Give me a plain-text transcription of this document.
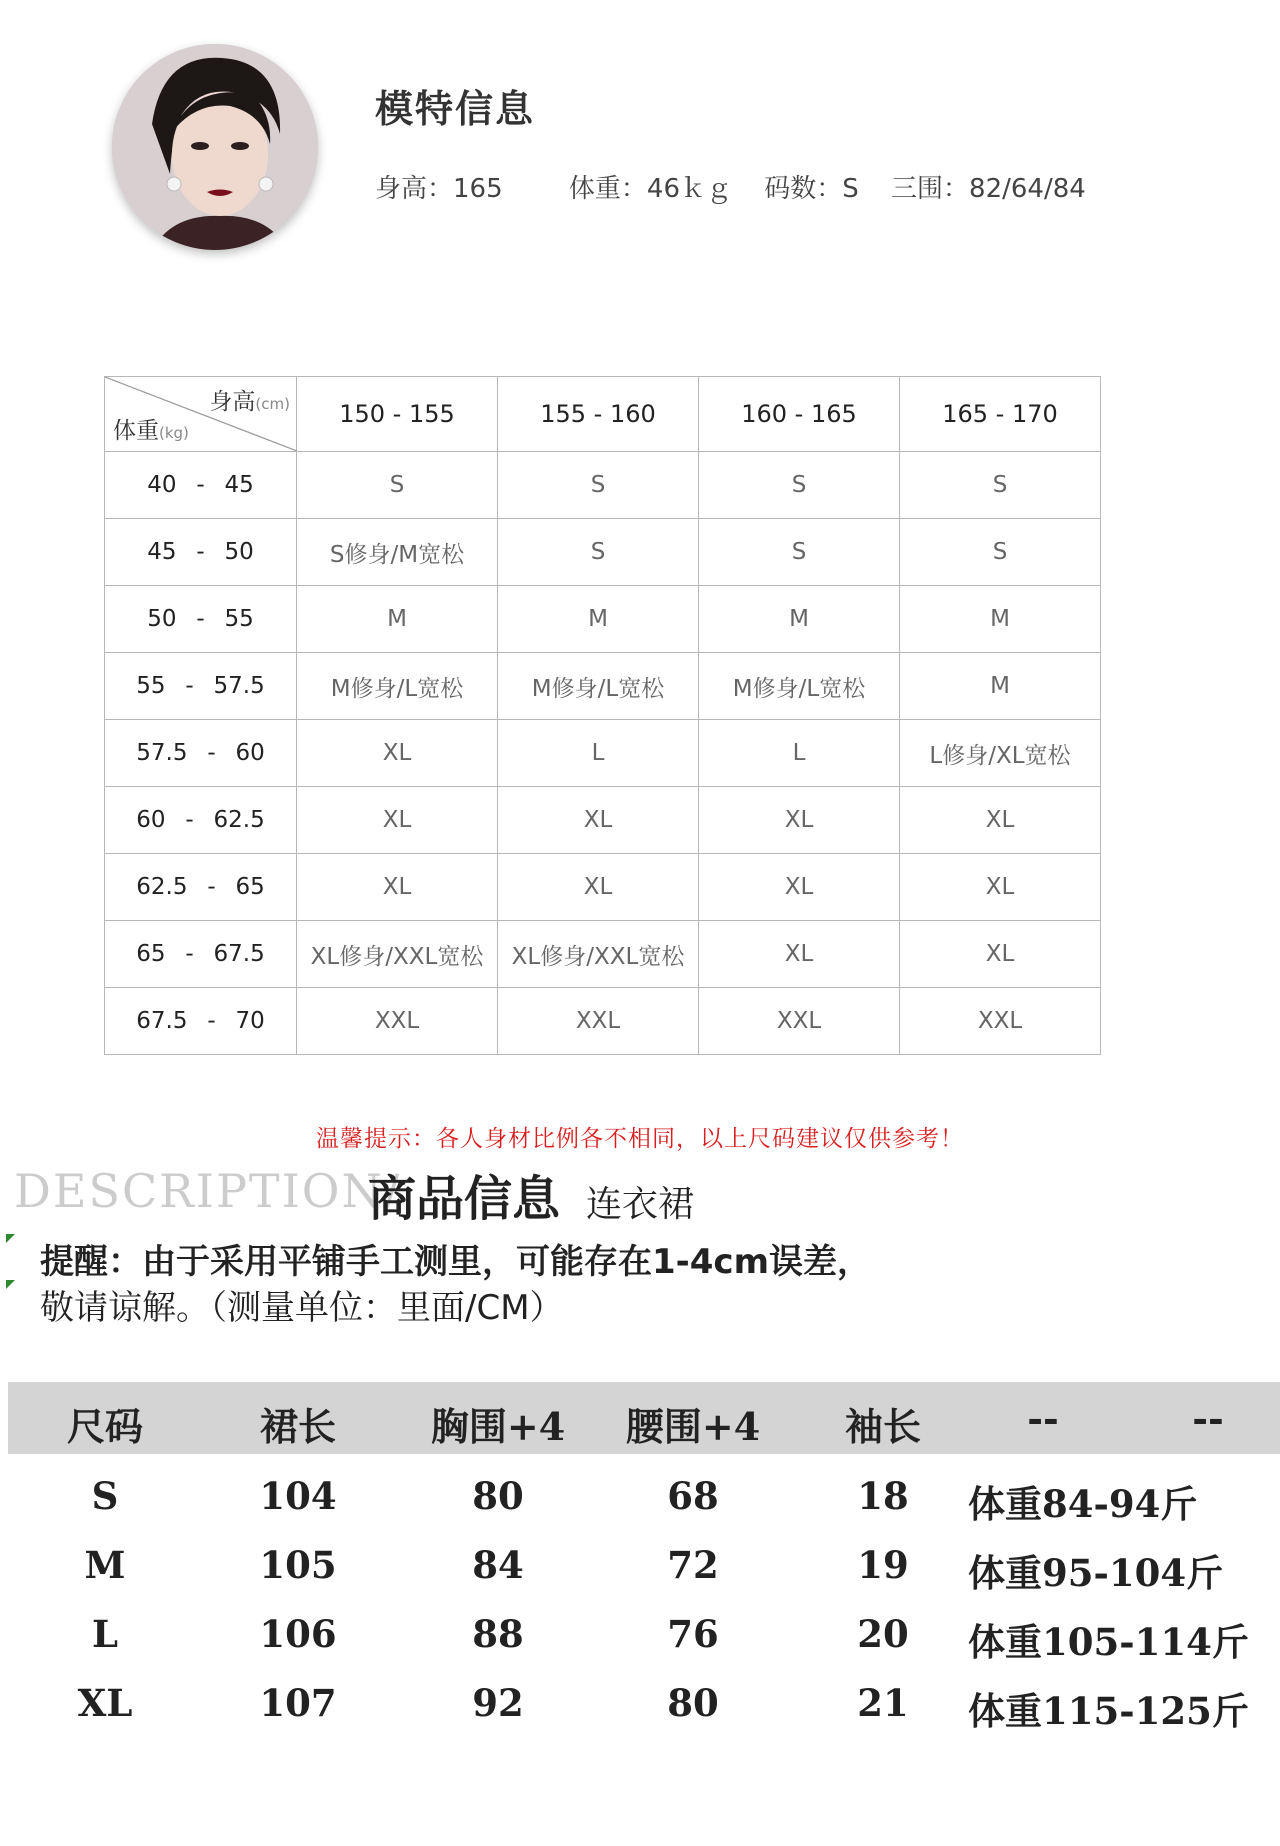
模特信息
身高：165	体重：46ｋｇ 码数：S 三围：82/64/84
身高(cm)
体重(kg)	150 - 155	155 - 160	160 - 165	165 - 170
40 - 45	S	S	S	S
45 - 50	S修身/M宽松	S	S	S
50 - 55	M	M	M	M
55 - 57.5	M修身/L宽松	M修身/L宽松	M修身/L宽松	M
57.5 - 60	XL	L	L	L修身/XL宽松
60 - 62.5	XL	XL	XL	XL
62.5 - 65	XL	XL	XL	XL
65 - 67.5	XL修身/XXL宽松	XL修身/XXL宽松	XL	XL
67.5 - 70	XXL	XXL	XXL	XXL
温馨提示：各人身材比例各不相同，以上尺码建议仅供参考！
DESCRIPTION/
商品信息 连衣裙
提醒：由于采用平铺手工测里，可能存在1-4cm误差，
敬请谅解。（测量单位：里面/CM）
尺码	裙长	胸围+4	腰围+4	袖长	--	--
S	104	80	68	18	体重84-94斤
M	105	84	72	19	体重95-104斤
L	106	88	76	20	体重105-114斤
XL	107	92	80	21	体重115-125斤
